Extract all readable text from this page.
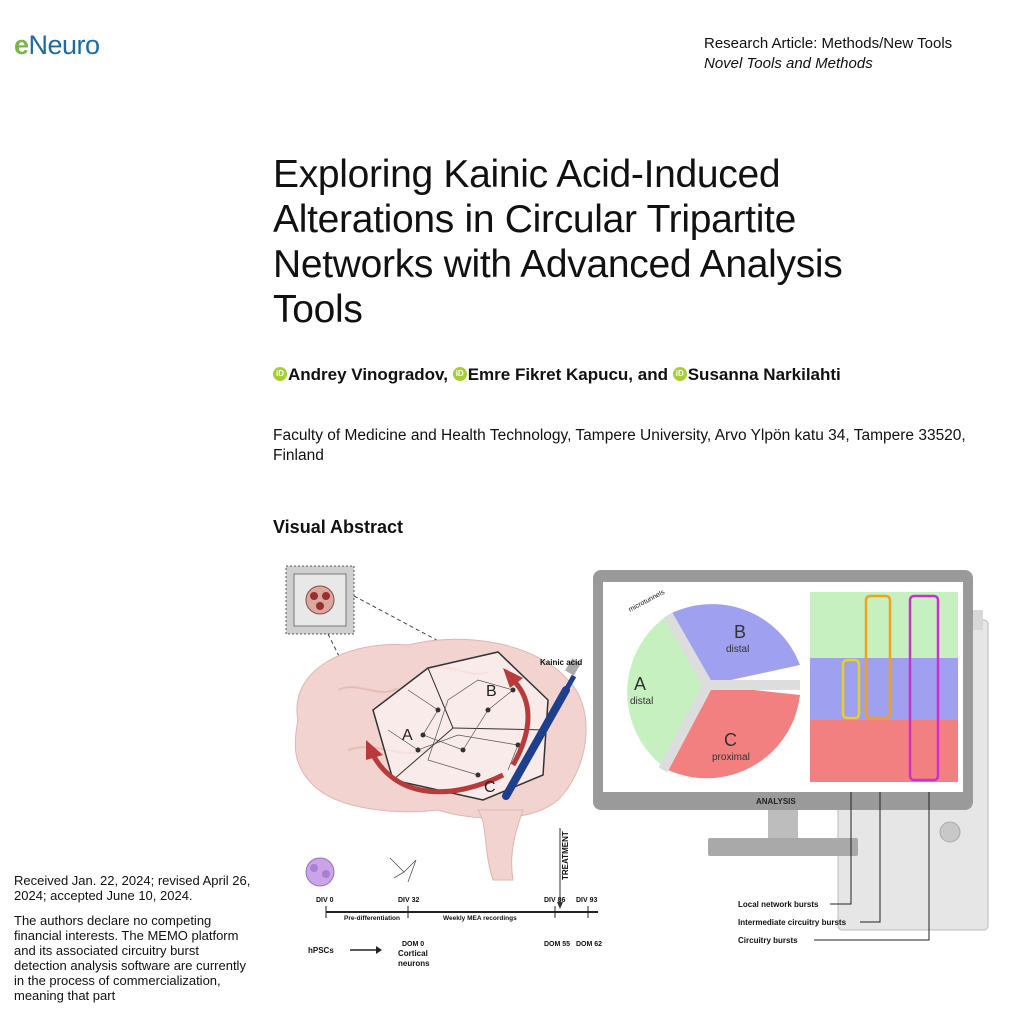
eNeuro	Research Article: Methods/New Tools
Novel Tools and Methods
Exploring Kainic Acid-Induced Alterations in Circular Tripartite Networks with Advanced Analysis Tools
iD Andrey Vinogradov, iD Emre Fikret Kapucu, and iD Susanna Narkilahti
Faculty of Medicine and Health Technology, Tampere University, Arvo Ylpön katu 34, Tampere 33520, Finland
Visual Abstract
A
B
C
Kainic acid
TREATMENT
ANALYSIS
microtunnels
A
distal
B
distal
C
proximal
Local network bursts
Intermediate circuitry bursts
Circuitry bursts
DIV 0	DIV 32	DIV 86 DIV 93
Pre-differentiation	Weekly MEA recordings
hPSCs
DOM 0
Cortical
neurons
DOM 55 DOM 62

Received Jan. 22, 2024; revised April 26, 2024; accepted June 10, 2024.

The authors declare no competing financial interests. The MEMO platform and its associated circuitry burst detection analysis software are currently in the process of commercialization, meaning that part
